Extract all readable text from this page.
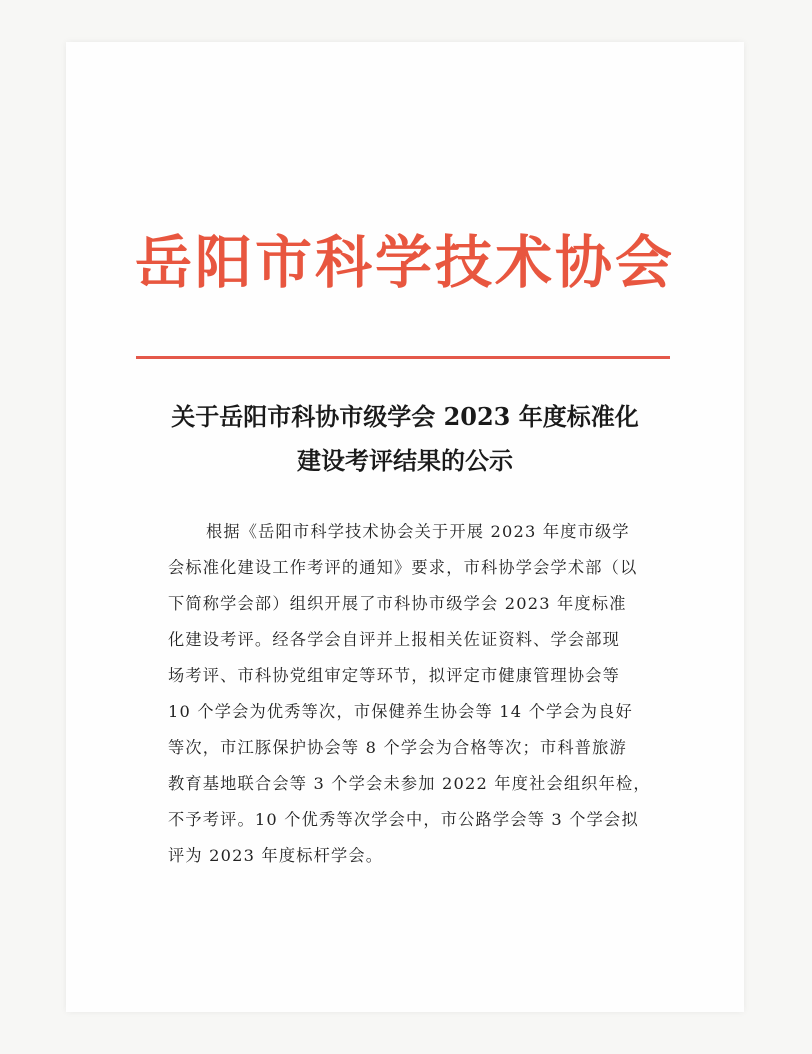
岳阳市科学技术协会
关于岳阳市科协市级学会 2023 年度标准化
建设考评结果的公示
根据《岳阳市科学技术协会关于开展 2023 年度市级学
会标准化建设工作考评的通知》要求，市科协学会学术部（以
下简称学会部）组织开展了市科协市级学会 2023 年度标准
化建设考评。经各学会自评并上报相关佐证资料、学会部现
场考评、市科协党组审定等环节，拟评定市健康管理协会等
10 个学会为优秀等次，市保健养生协会等 14 个学会为良好
等次，市江豚保护协会等 8 个学会为合格等次；市科普旅游
教育基地联合会等 3 个学会未参加 2022 年度社会组织年检，
不予考评。10 个优秀等次学会中，市公路学会等 3 个学会拟
评为 2023 年度标杆学会。
